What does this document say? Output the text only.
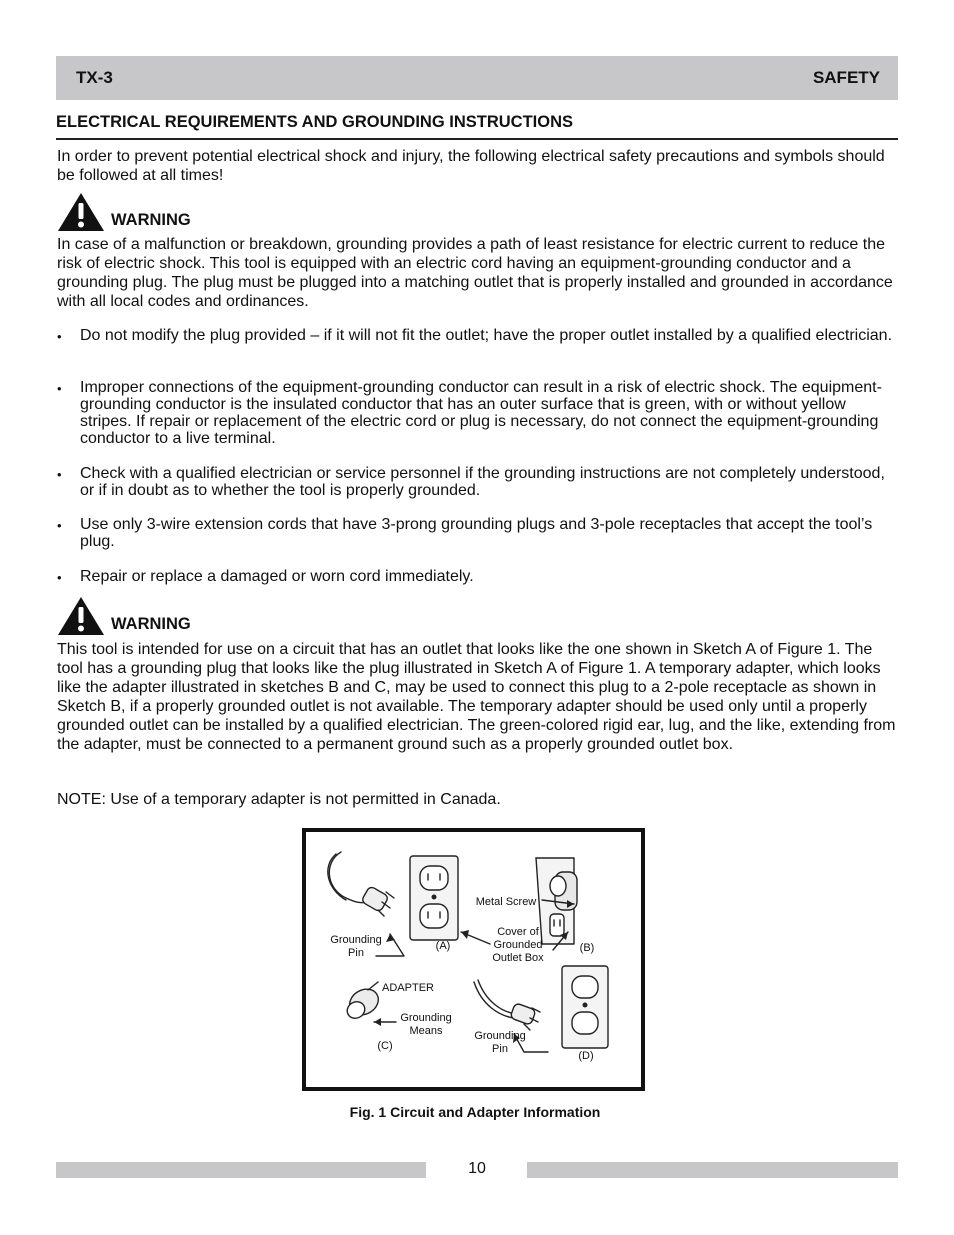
TX-3	SAFETY
ELECTRICAL REQUIREMENTS AND GROUNDING INSTRUCTIONS

In order to prevent potential electrical shock and injury, the following electrical safety precautions and symbols should be followed at all times!

WARNING

In case of a malfunction or breakdown, grounding provides a path of least resistance for electric current to reduce the risk of electric shock. This tool is equipped with an electric cord having an equipment-grounding conductor and a grounding plug. The plug must be plugged into a matching outlet that is properly installed and grounded in accordance with all local codes and ordinances.

•	Do not modify the plug provided – if it will not fit the outlet; have the proper outlet installed by a qualified electrician.
•	Improper connections of the equipment-grounding conductor can result in a risk of electric shock. The equipment-grounding conductor is the insulated conductor that has an outer surface that is green, with or without yellow stripes. If repair or replacement of the electric cord or plug is necessary, do not connect the equipment-grounding conductor to a live terminal.
•	Check with a qualified electrician or service personnel if the grounding instructions are not completely understood, or if in doubt as to whether the tool is properly grounded.
•	Use only 3-wire extension cords that have 3-prong grounding plugs and 3-pole receptacles that accept the tool’s plug.
•	Repair or replace a damaged or worn cord immediately.
WARNING

This tool is intended for use on a circuit that has an outlet that looks like the one shown in Sketch A of Figure 1. The tool has a grounding plug that looks like the plug illustrated in Sketch A of Figure 1. A temporary adapter, which looks like the adapter illustrated in sketches B and C, may be used to connect this plug to a 2-pole receptacle as shown in Sketch B, if a properly grounded outlet is not available. The temporary adapter should be used only until a properly grounded outlet can be installed by a qualified electrician. The green-colored rigid ear, lug, and the like, extending from the adapter, must be connected to a permanent ground such as a properly grounded outlet box.

NOTE: Use of a temporary adapter is not permitted in Canada.

Grounding
Pin
(A)
Metal Screw
Cover of
Grounded
Outlet Box
(B)
ADAPTER
Grounding
Means
(C)
Grounding
Pin
(D)
Fig. 1 Circuit and Adapter Information
10
